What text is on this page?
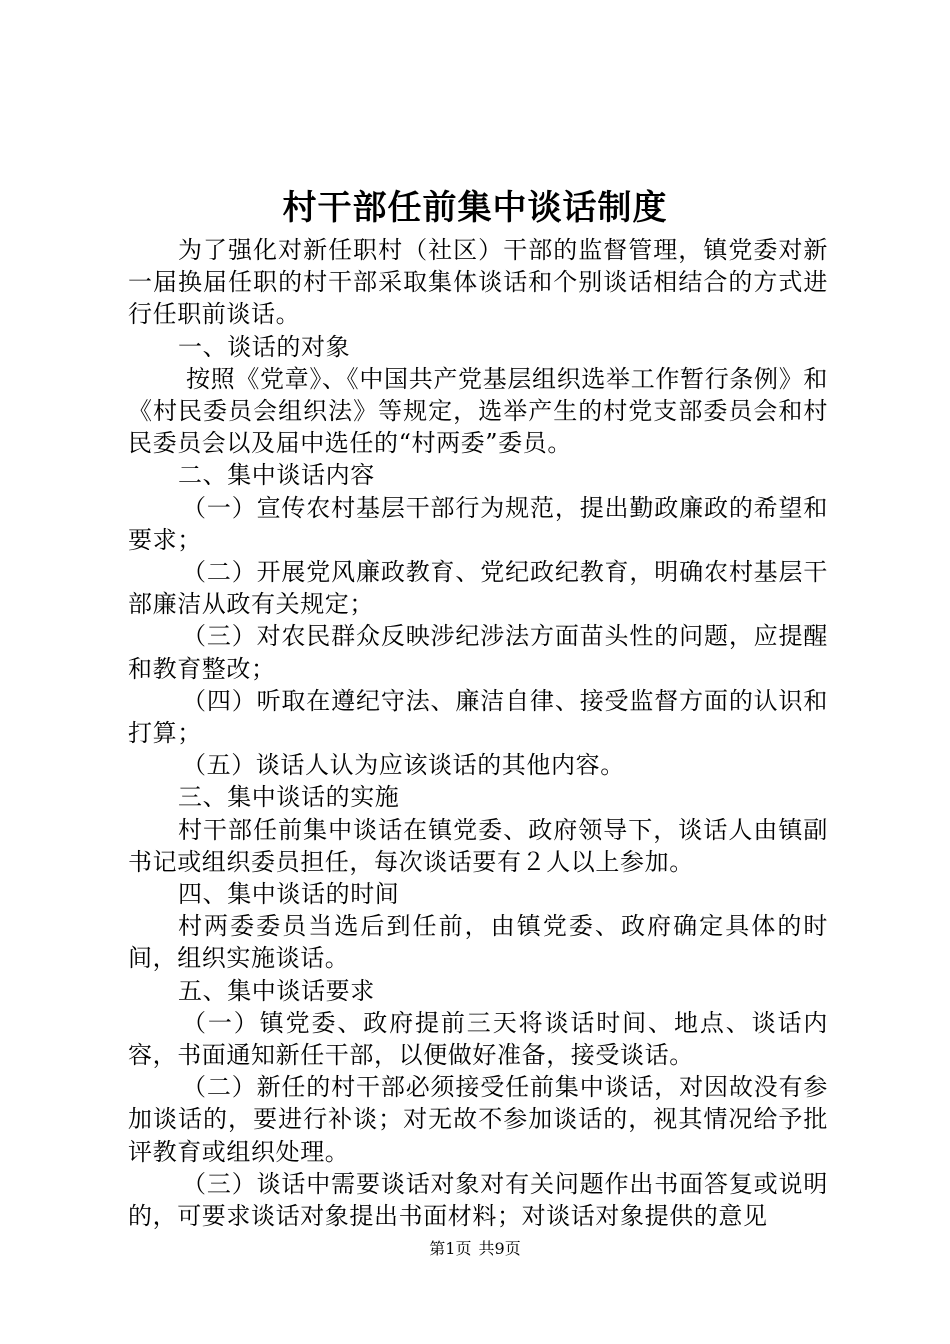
村干部任前集中谈话制度

为了强化对新任职村（社区）干部的监督管理，镇党委对新一届换届任职的村干部采取集体谈话和个别谈话相结合的方式进行任职前谈话。

一、谈话的对象

按照《党章》、《中国共产党基层组织选举工作暂行条例》和《村民委员会组织法》等规定，选举产生的村党支部委员会和村民委员会以及届中选任的“村两委”委员。

二、集中谈话内容

（一）宣传农村基层干部行为规范，提出勤政廉政的希望和要求；

（二）开展党风廉政教育、党纪政纪教育，明确农村基层干部廉洁从政有关规定；

（三）对农民群众反映涉纪涉法方面苗头性的问题，应提醒和教育整改；

（四）听取在遵纪守法、廉洁自律、接受监督方面的认识和打算；

（五）谈话人认为应该谈话的其他内容。

三、集中谈话的实施

村干部任前集中谈话在镇党委、政府领导下，谈话人由镇副书记或组织委员担任，每次谈话要有２人以上参加。

四、集中谈话的时间

村两委委员当选后到任前，由镇党委、政府确定具体的时间，组织实施谈话。

五、集中谈话要求

（一）镇党委、政府提前三天将谈话时间、地点、谈话内容，书面通知新任干部，以便做好准备，接受谈话。

（二）新任的村干部必须接受任前集中谈话，对因故没有参加谈话的，要进行补谈；对无故不参加谈话的，视其情况给予批评教育或组织处理。

（三）谈话中需要谈话对象对有关问题作出书面答复或说明的，可要求谈话对象提出书面材料；对谈话对象提供的意见

第1页 共9页
